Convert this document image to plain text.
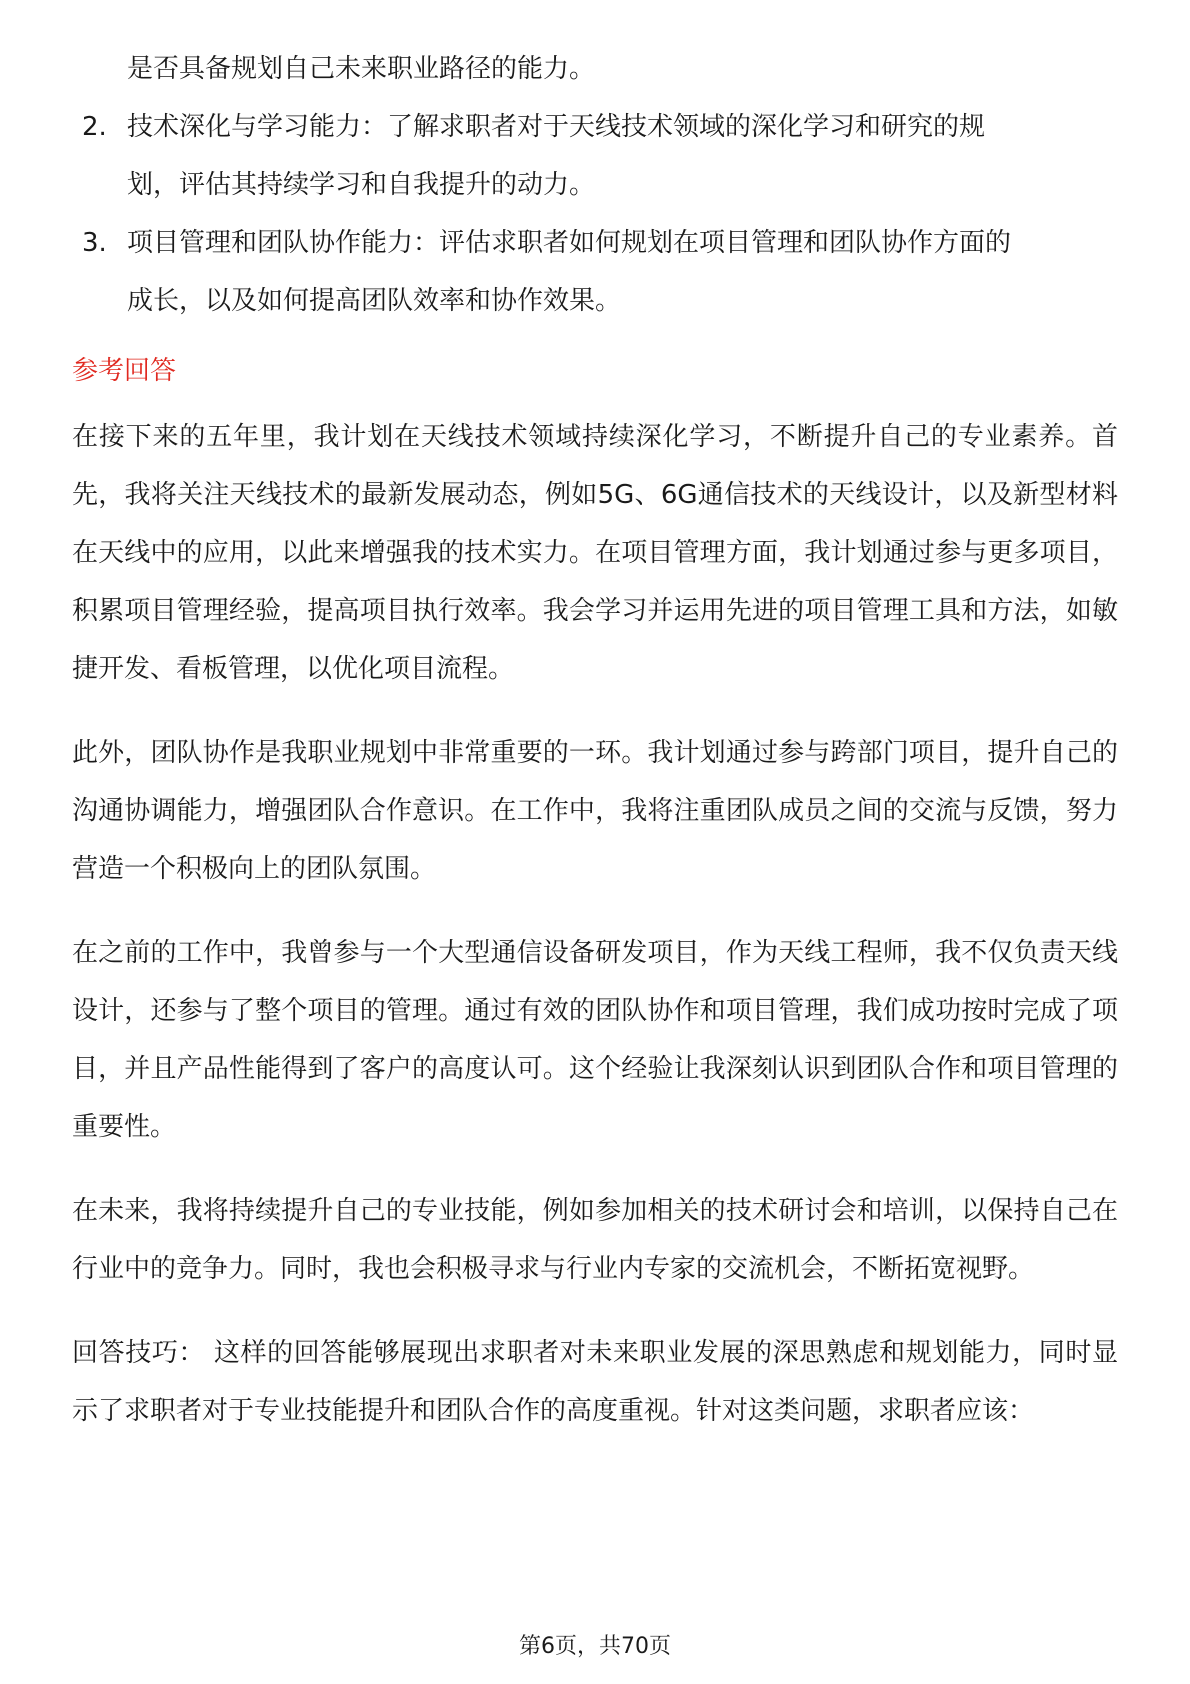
是否具备规划自己未来职业路径的能力。
2. 技术深化与学习能力：了解求职者对于天线技术领域的深化学习和研究的规
划，评估其持续学习和自我提升的动力。
3. 项目管理和团队协作能力：评估求职者如何规划在项目管理和团队协作方面的
成长，以及如何提高团队效率和协作效果。
参考回答

在接下来的五年里，我计划在天线技术领域持续深化学习，不断提升自己的专业素养。首先，我将关注天线技术的最新发展动态，例如5G、6G通信技术的天线设计，以及新型材料在天线中的应用，以此来增强我的技术实力。在项目管理方面，我计划通过参与更多项目，积累项目管理经验，提高项目执行效率。我会学习并运用先进的项目管理工具和方法，如敏捷开发、看板管理，以优化项目流程。

此外，团队协作是我职业规划中非常重要的一环。我计划通过参与跨部门项目，提升自己的沟通协调能力，增强团队合作意识。在工作中，我将注重团队成员之间的交流与反馈，努力营造一个积极向上的团队氛围。

在之前的工作中，我曾参与一个大型通信设备研发项目，作为天线工程师，我不仅负责天线设计，还参与了整个项目的管理。通过有效的团队协作和项目管理，我们成功按时完成了项目，并且产品性能得到了客户的高度认可。这个经验让我深刻认识到团队合作和项目管理的重要性。

在未来，我将持续提升自己的专业技能，例如参加相关的技术研讨会和培训，以保持自己在行业中的竞争力。同时，我也会积极寻求与行业内专家的交流机会，不断拓宽视野。

回答技巧： 这样的回答能够展现出求职者对未来职业发展的深思熟虑和规划能力，同时显示了求职者对于专业技能提升和团队合作的高度重视。针对这类问题，求职者应该：

第6页，共70页
